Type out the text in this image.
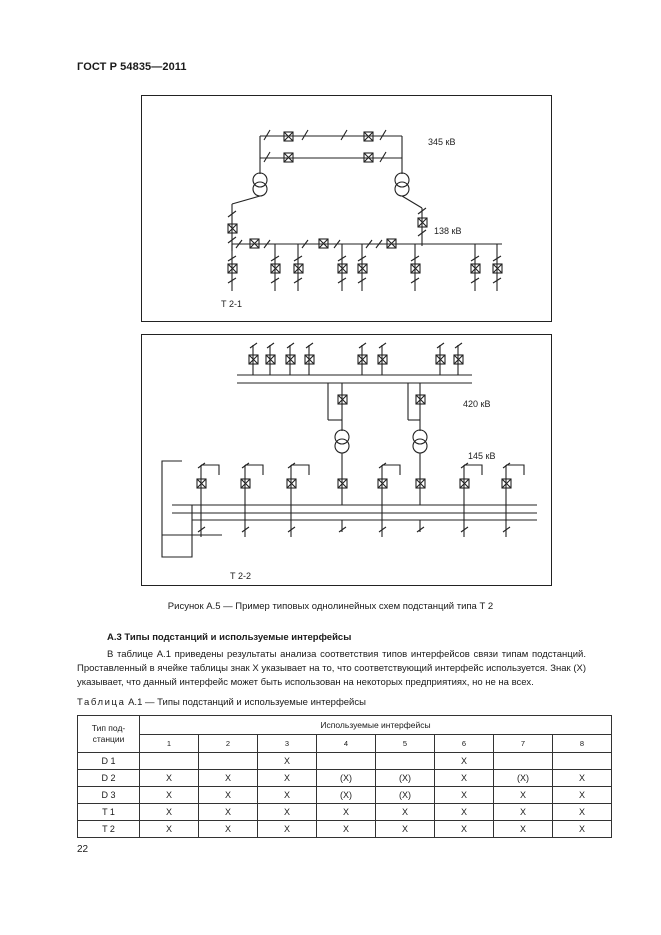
ГОСТ Р 54835—2011
345 кВ
138 кВ
Т 2-1
420 кВ
145 кВ
Т 2-2
Рисунок А.5 — Пример типовых однолинейных схем подстанций типа Т 2
А.3 Типы подстанций и используемые интерфейсы
В таблице А.1 приведены результаты анализа соответствия типов интерфейсов связи типам подстанций. Проставленный в ячейке таблицы знак Х указывает на то, что соответствующий интерфейс используется. Знак (Х) указывает, что данный интерфейс может быть использован на некоторых предприятиях, но не на всех.
Таблица А.1 — Типы подстанций и используемые интерфейсы
Тип под-
станции	Используемые интерфейсы							
	1	2	3	4	5	6	7	8
D 1			X			X		
D 2	X	X	X	(X)	(X)	X	(X)	X
D 3	X	X	X	(X)	(X)	X	X	X
T 1	X	X	X	X	X	X	X	X
T 2	X	X	X	X	X	X	X	X
22
